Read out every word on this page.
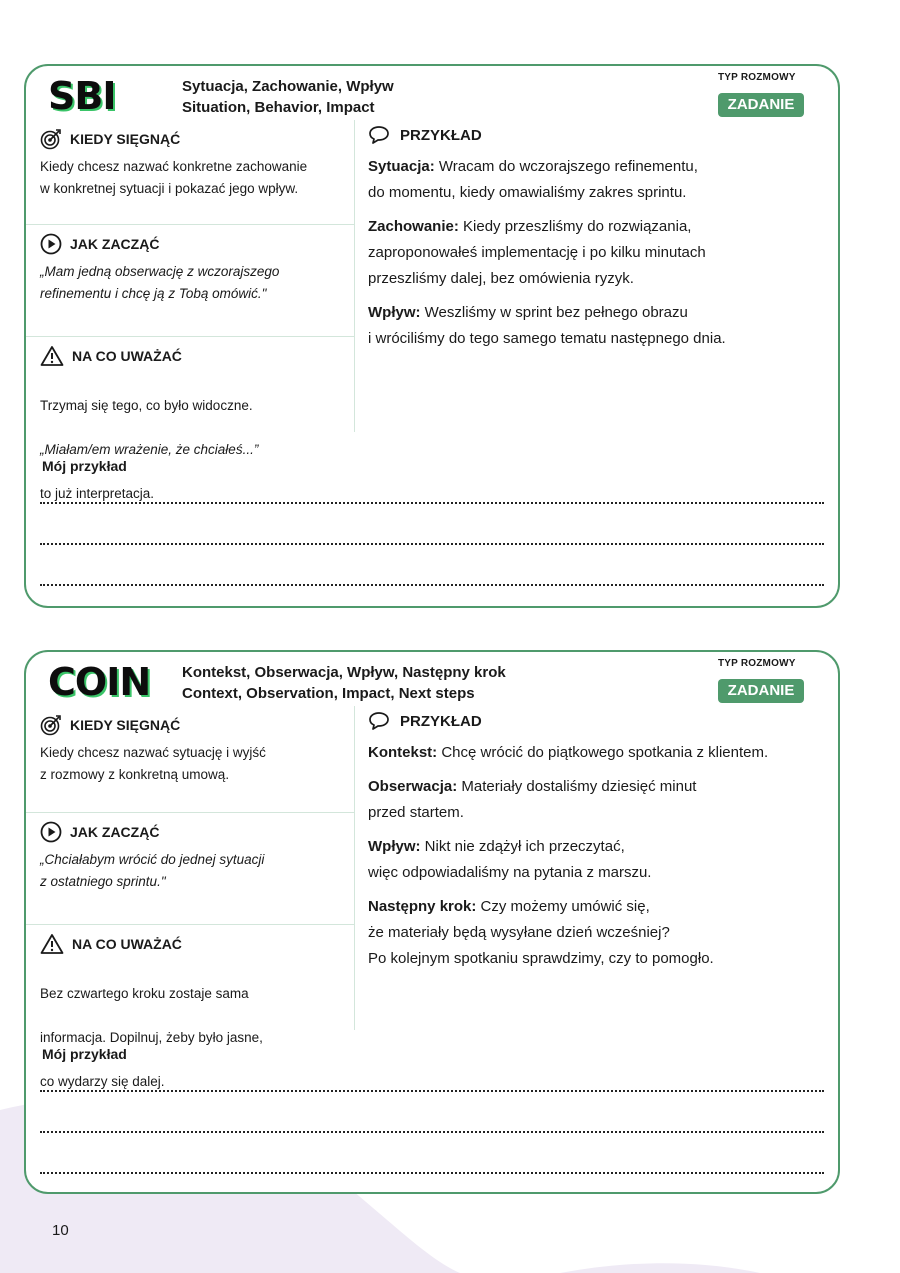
SBI	Sytuacja, Zachowanie, Wpływ
Situation, Behavior, Impact
TYP ROZMOWY
ZADANIE
KIEDY SIĘGNĄĆ
Kiedy chcesz nazwać konkretne zachowanie
w konkretnej sytuacji i pokazać jego wpływ.
JAK ZACZĄĆ
„Mam jedną obserwację z wczorajszego
refinementu i chcę ją z Tobą omówić."
NA CO UWAŻAĆ

Trzymaj się tego, co było widoczne.

„Miałam/em wrażenie, że chciałeś...”

to już interpretacja.

PRZYKŁAD
Sytuacja: Wracam do wczorajszego refinementu,
do momentu, kiedy omawialiśmy zakres sprintu.
Zachowanie: Kiedy przeszliśmy do rozwiązania,
zaproponowałeś implementację i po kilku minutach
przeszliśmy dalej, bez omówienia ryzyk.
Wpływ: Weszliśmy w sprint bez pełnego obrazu
i wróciliśmy do tego samego tematu następnego dnia.
Mój przykład
COIN Kontekst, Obserwacja, Wpływ, Następny krok
Context, Observation, Impact, Next steps
TYP ROZMOWY
ZADANIE
KIEDY SIĘGNĄĆ
Kiedy chcesz nazwać sytuację i wyjść
z rozmowy z konkretną umową.
JAK ZACZĄĆ
„Chciałabym wrócić do jednej sytuacji
z ostatniego sprintu."
NA CO UWAŻAĆ

Bez czwartego kroku zostaje sama

informacja. Dopilnuj, żeby było jasne,

co wydarzy się dalej.

PRZYKŁAD
Kontekst: Chcę wrócić do piątkowego spotkania z klientem.
Obserwacja: Materiały dostaliśmy dziesięć minut
przed startem.
Wpływ: Nikt nie zdążył ich przeczytać,
więc odpowiadaliśmy na pytania z marszu.
Następny krok: Czy możemy umówić się,
że materiały będą wysyłane dzień wcześniej?
Po kolejnym spotkaniu sprawdzimy, czy to pomogło.
Mój przykład
10
